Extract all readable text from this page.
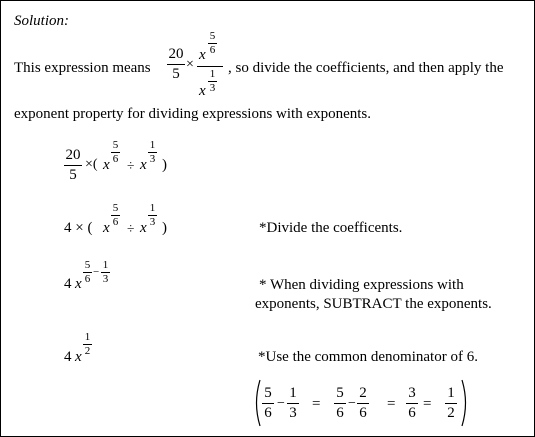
Solution:
This expression means
20
5
×
x
5
6
x
1
3
, so divide the coefficients, and then apply the
exponent property for dividing expressions with exponents.
20
5
×( x
5
6 ÷ x
1
3 )
4 × ( x
5
6 ÷ x
1
3 )	*Divide the coefficents.
4 x
5
6
−
1
3	* When dividing expressions with
exponents, SUBTRACT the exponents.
4 x
1
2	*Use the common denominator of 6.
5
6
−
1
3
=
5
6
−
2
6
=
3
6
=
1
2
